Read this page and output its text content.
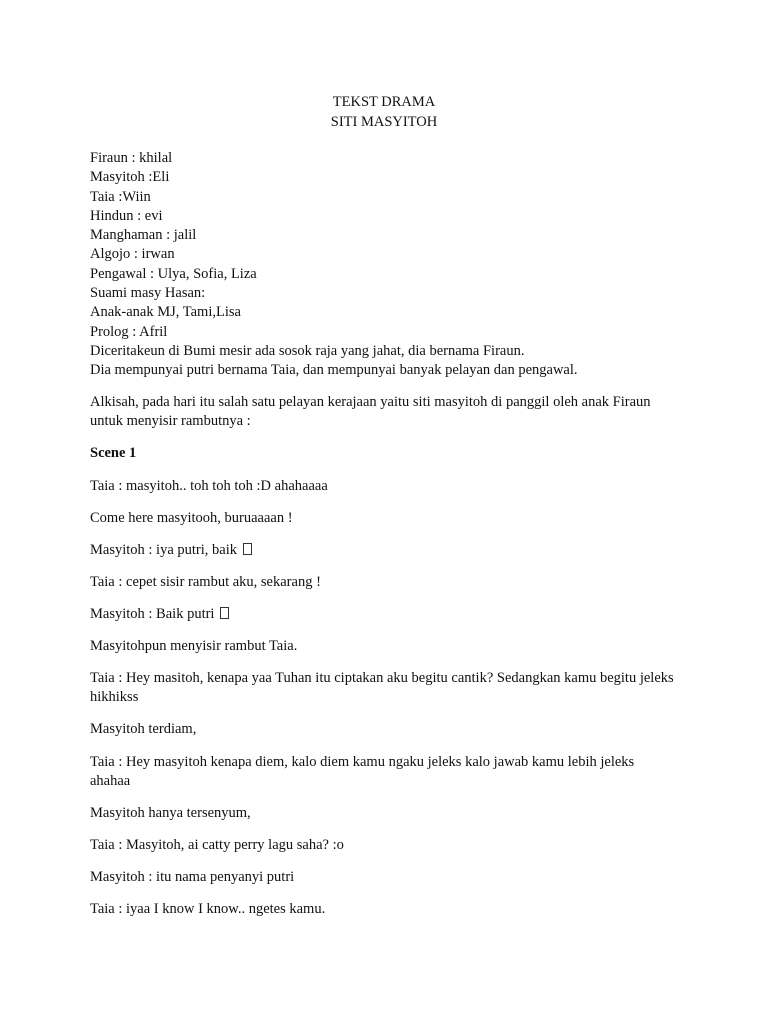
TEKST DRAMA
SITI MASYITOH
Firaun : khilal
Masyitoh :Eli
Taia :Wiin
Hindun : evi
Manghaman : jalil
Algojo : irwan
Pengawal : Ulya, Sofia, Liza
Suami masy Hasan:
Anak-anak MJ, Tami,Lisa
Prolog : Afril
Diceritakeun di Bumi mesir ada sosok raja yang jahat, dia bernama Firaun.
Dia mempunyai putri bernama Taia, dan mempunyai banyak pelayan dan pengawal.
Alkisah, pada hari itu salah satu pelayan kerajaan yaitu siti masyitoh di panggil oleh anak Firaun
untuk menyisir rambutnya :
Scene 1
Taia : masyitoh.. toh toh toh :D ahahaaaa
Come here masyitooh, buruaaaan !
Masyitoh : iya putri, baik
Taia : cepet sisir rambut aku, sekarang !
Masyitoh : Baik putri
Masyitohpun menyisir rambut Taia.
Taia : Hey masitoh, kenapa yaa Tuhan itu ciptakan aku begitu cantik? Sedangkan kamu begitu jeleks
hikhikss
Masyitoh terdiam,
Taia : Hey masyitoh kenapa diem, kalo diem kamu ngaku jeleks kalo jawab kamu lebih jeleks
ahahaa
Masyitoh hanya tersenyum,
Taia : Masyitoh, ai catty perry lagu saha? :o
Masyitoh : itu nama penyanyi putri
Taia : iyaa I know I know.. ngetes kamu.
